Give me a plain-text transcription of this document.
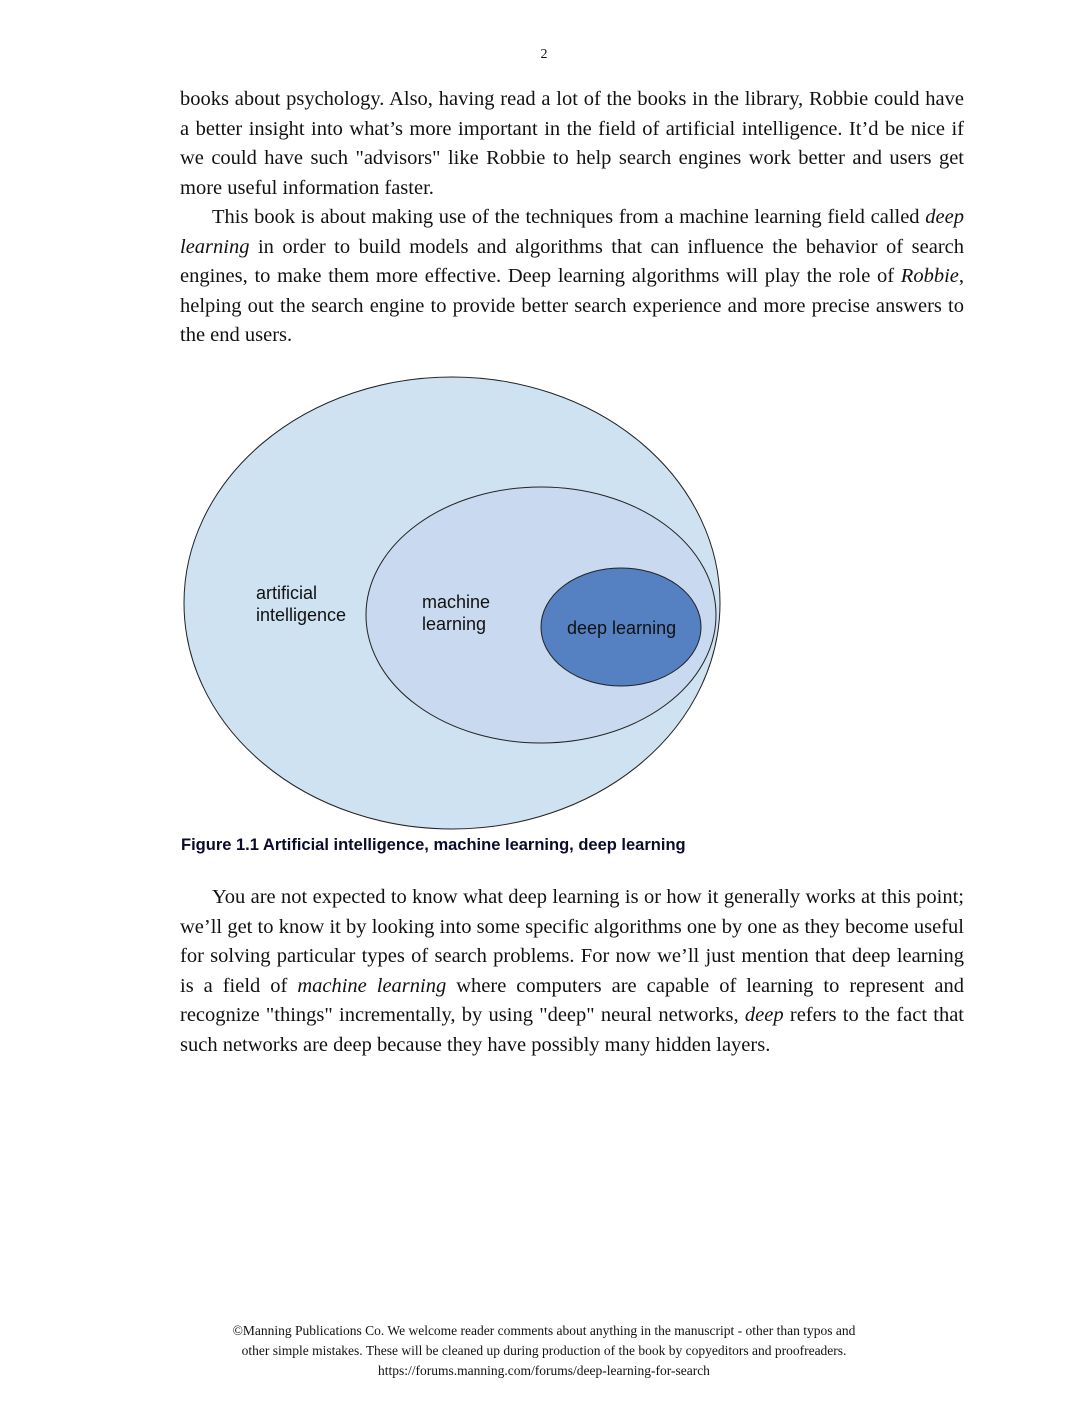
2

books about psychology. Also, having read a lot of the books in the library, Robbie could have a better insight into what’s more important in the field of artificial intelligence. It’d be nice if we could have such "advisors" like Robbie to help search engines work better and users get more useful information faster.

This book is about making use of the techniques from a machine learning field called deep learning in order to build models and algorithms that can influence the behavior of search engines, to make them more effective. Deep learning algorithms will play the role of Robbie, helping out the search engine to provide better search experience and more precise answers to the end users.

artificial
intelligence
machine
learning	deep learning
Figure 1.1 Artificial intelligence, machine learning, deep learning

You are not expected to know what deep learning is or how it generally works at this point; we’ll get to know it by looking into some specific algorithms one by one as they become useful for solving particular types of search problems. For now we’ll just mention that deep learning is a field of machine learning where computers are capable of learning to represent and recognize "things" incrementally, by using "deep" neural networks, deep refers to the fact that such networks are deep because they have possibly many hidden layers.

©Manning Publications Co. We welcome reader comments about anything in the manuscript - other than typos and
other simple mistakes. These will be cleaned up during production of the book by copyeditors and proofreaders.
https://forums.manning.com/forums/deep-learning-for-search
